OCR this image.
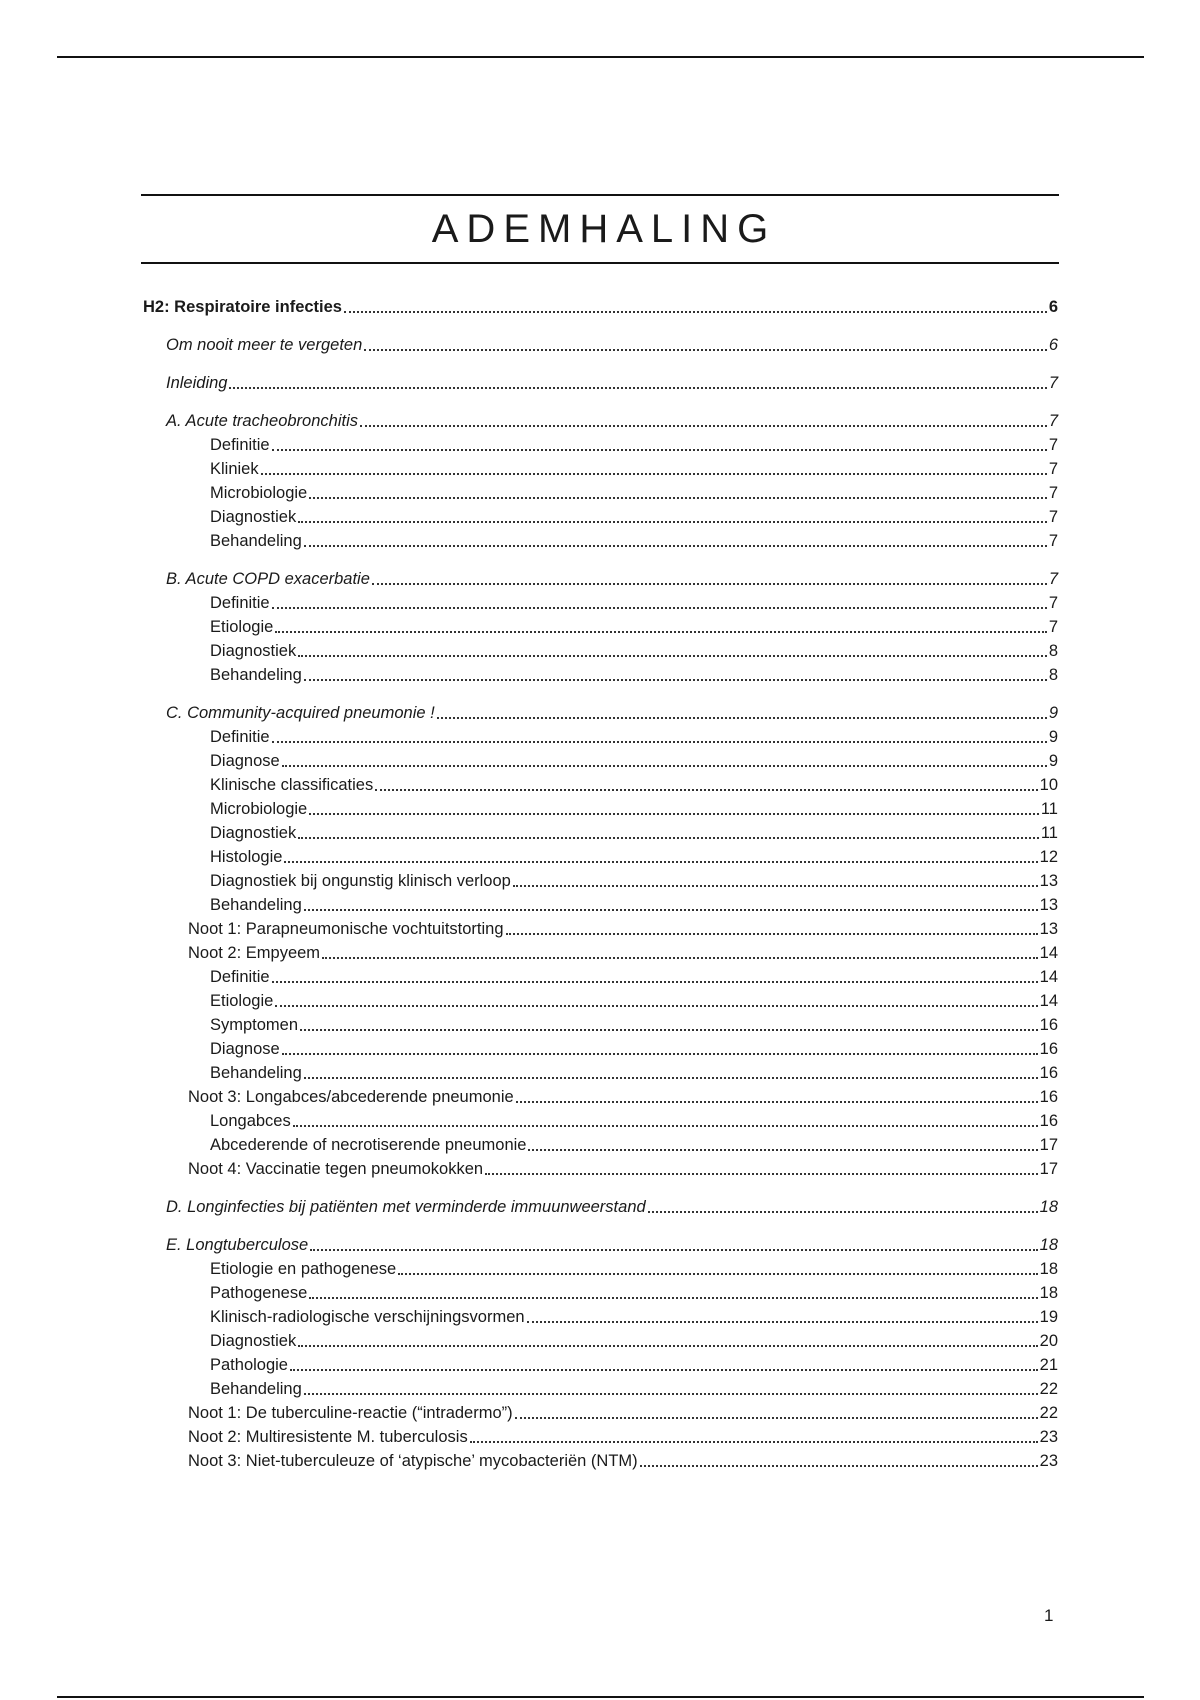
ADEMHALING
H2: Respiratoire infecties	6
Om nooit meer te vergeten	6
Inleiding	7
A. Acute tracheobronchitis	7
Definitie	7
Kliniek	7
Microbiologie	7
Diagnostiek	7
Behandeling	7
B. Acute COPD exacerbatie	7
Definitie	7
Etiologie	7
Diagnostiek	8
Behandeling	8
C. Community-acquired pneumonie !	9
Definitie	9
Diagnose	9
Klinische classificaties	10
Microbiologie	11
Diagnostiek	11
Histologie	12
Diagnostiek bij ongunstig klinisch verloop	13
Behandeling	13
Noot 1: Parapneumonische vochtuitstorting	13
Noot 2: Empyeem	14
Definitie	14
Etiologie	14
Symptomen	16
Diagnose	16
Behandeling	16
Noot 3: Longabces/abcederende pneumonie	16
Longabces	16
Abcederende of necrotiserende pneumonie	17
Noot 4: Vaccinatie tegen pneumokokken	17
D. Longinfecties bij patiënten met verminderde immuunweerstand	18
E. Longtuberculose	18
Etiologie en pathogenese	18
Pathogenese	18
Klinisch-radiologische verschijningsvormen	19
Diagnostiek	20
Pathologie	21
Behandeling	22
Noot 1: De tuberculine-reactie (“intradermo”)	22
Noot 2: Multiresistente M. tuberculosis	23
Noot 3: Niet-tuberculeuze of ‘atypische’ mycobacteriën (NTM)	23
1
